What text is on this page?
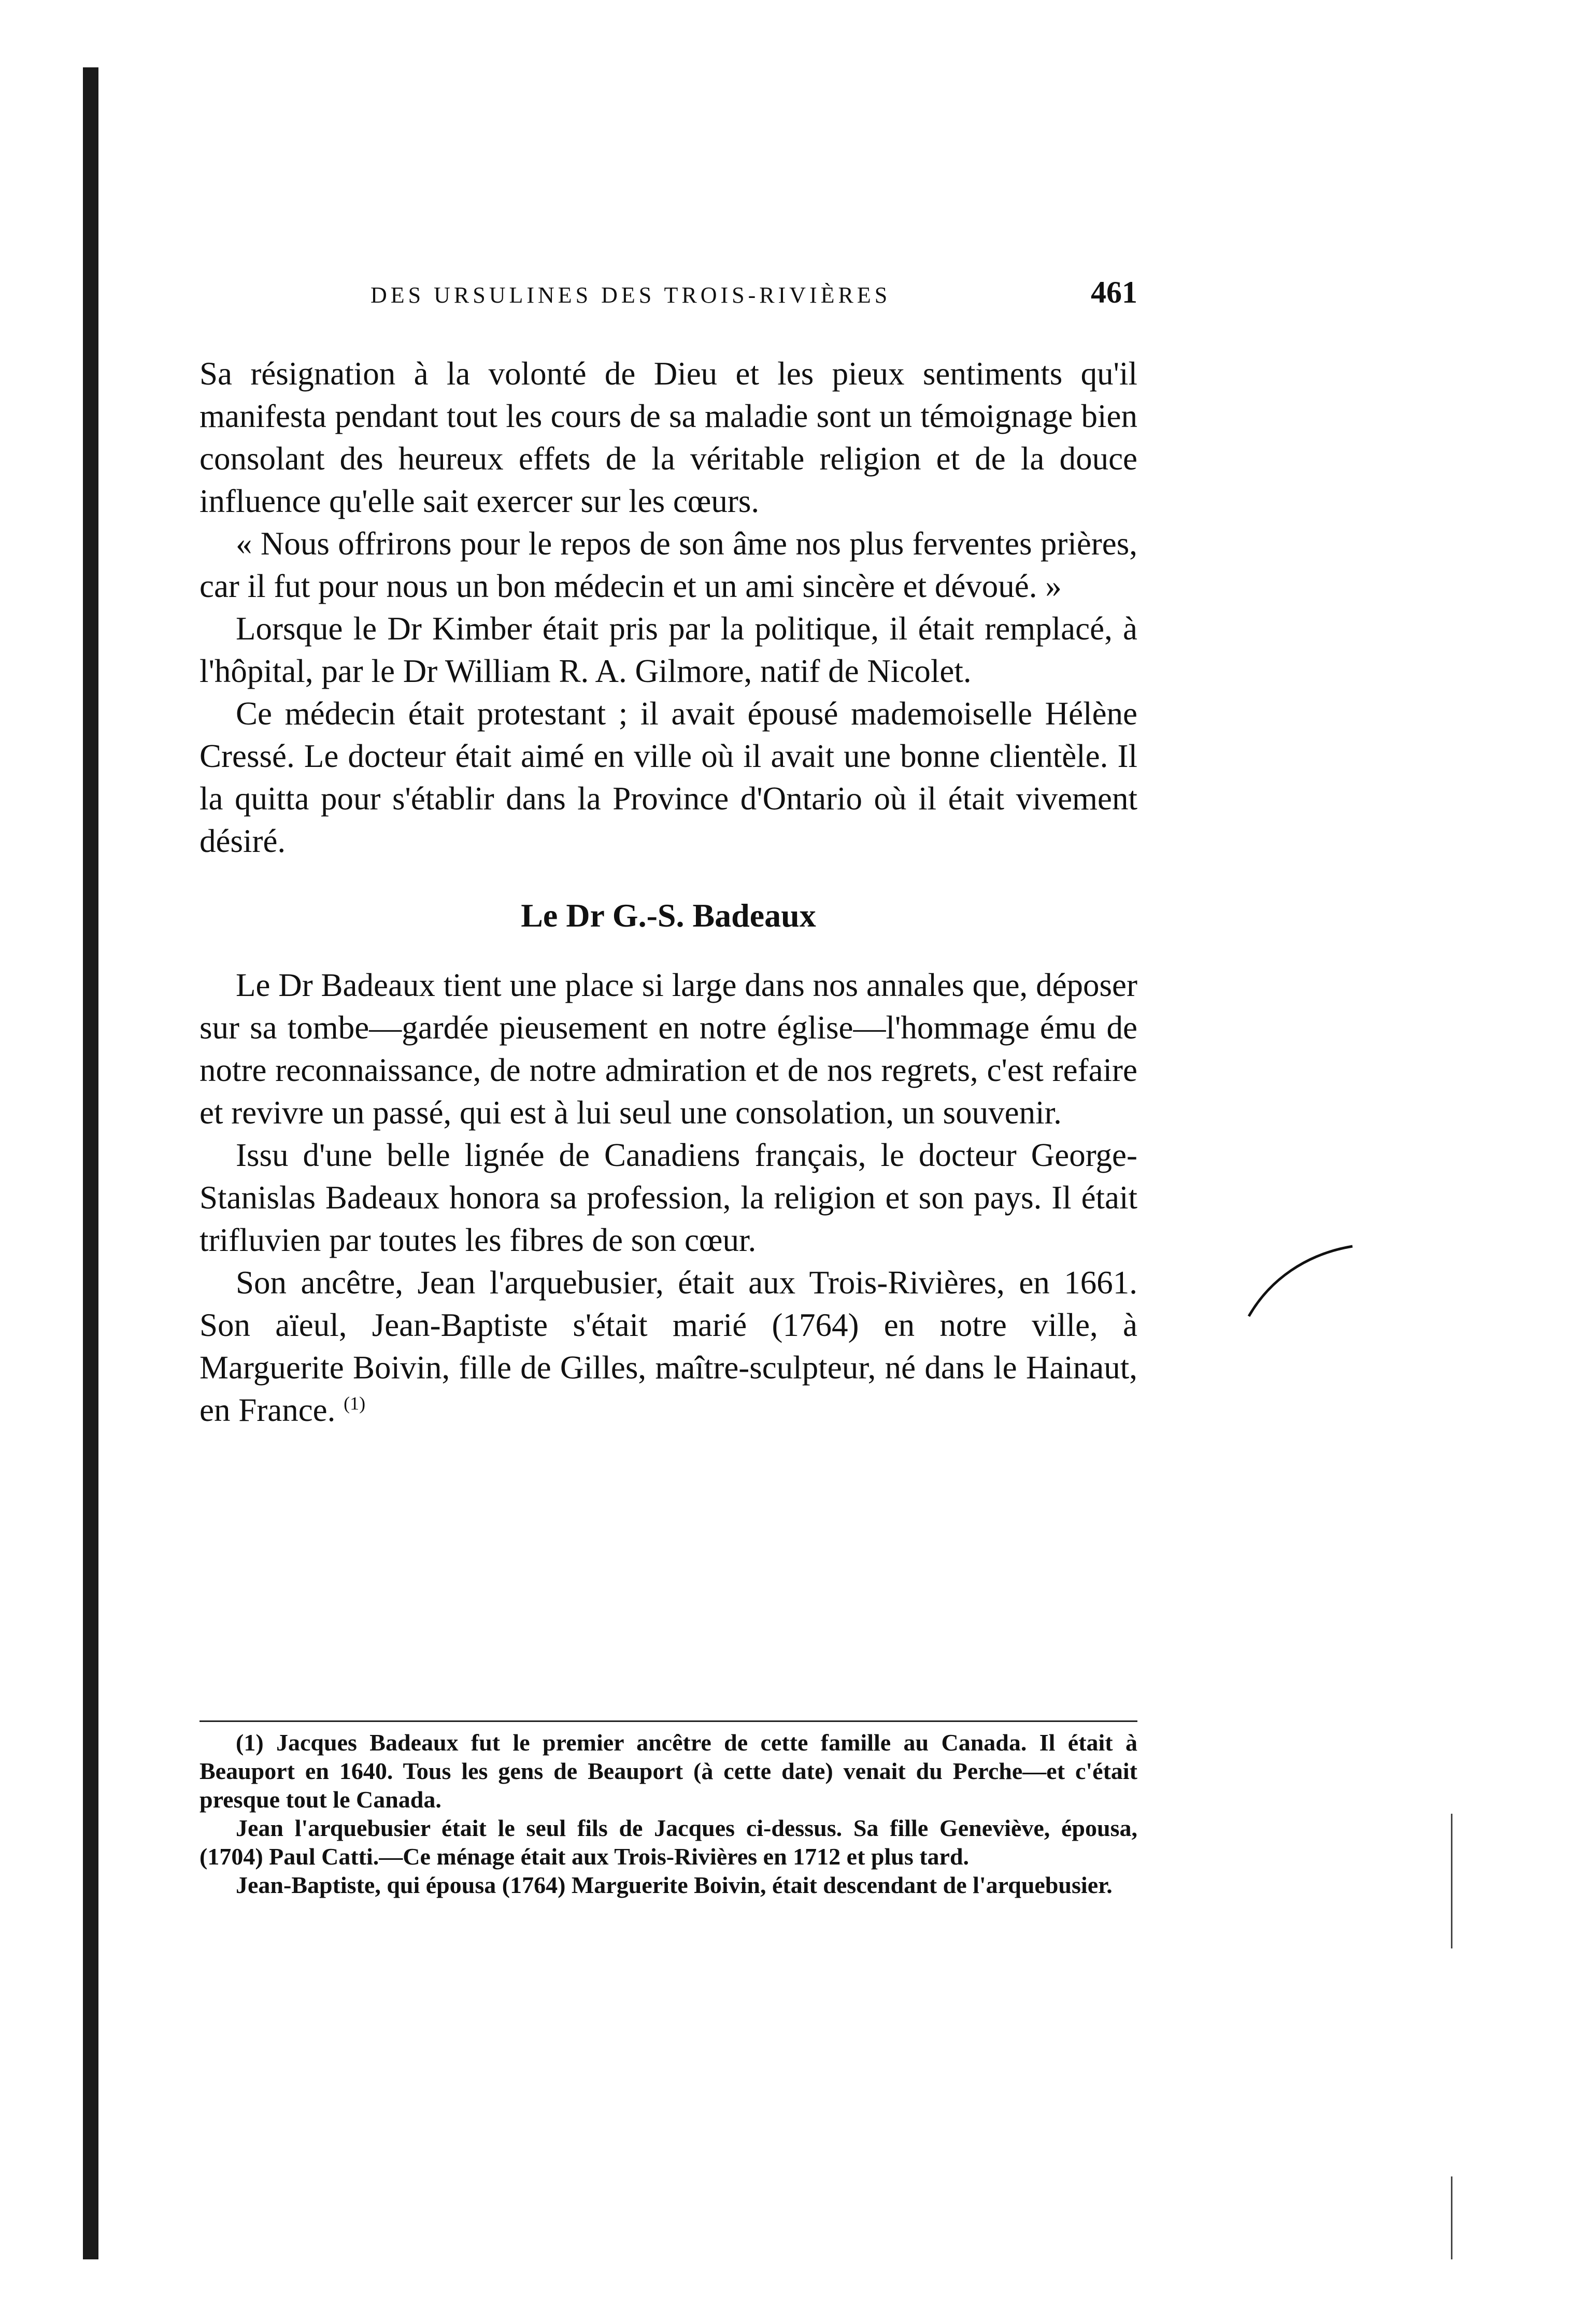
DES URSULINES DES TROIS-RIVIÈRES	461

Sa résignation à la volonté de Dieu et les pieux sentiments qu'il manifesta pendant tout les cours de sa maladie sont un témoignage bien consolant des heureux effets de la véritable religion et de la douce influence qu'elle sait exercer sur les cœurs.

« Nous offrirons pour le repos de son âme nos plus ferventes prières, car il fut pour nous un bon médecin et un ami sincère et dévoué. »

Lorsque le Dr Kimber était pris par la politique, il était remplacé, à l'hôpital, par le Dr William R. A. Gilmore, natif de Nicolet.

Ce médecin était protestant ; il avait épousé mademoiselle Hélène Cressé. Le docteur était aimé en ville où il avait une bonne clientèle. Il la quitta pour s'établir dans la Province d'Ontario où il était vivement désiré.

Le Dr G.-S. Badeaux

Le Dr Badeaux tient une place si large dans nos annales que, déposer sur sa tombe—gardée pieusement en notre église—l'hommage ému de notre reconnaissance, de notre admiration et de nos regrets, c'est refaire et revivre un passé, qui est à lui seul une consolation, un souvenir.

Issu d'une belle lignée de Canadiens français, le docteur George-Stanislas Badeaux honora sa profession, la religion et son pays. Il était trifluvien par toutes les fibres de son cœur.

Son ancêtre, Jean l'arquebusier, était aux Trois-Rivières, en 1661. Son aïeul, Jean-Baptiste s'était marié (1764) en notre ville, à Marguerite Boivin, fille de Gilles, maître-sculpteur, né dans le Hainaut, en France. $^{(1)}$

(1) Jacques Badeaux fut le premier ancêtre de cette famille au Canada. Il était à Beauport en 1640. Tous les gens de Beauport (à cette date) venait du Perche—et c'était presque tout le Canada.

Jean l'arquebusier était le seul fils de Jacques ci-dessus. Sa fille Geneviève, épousa, (1704) Paul Catti.—Ce ménage était aux Trois-Rivières en 1712 et plus tard.

Jean-Baptiste, qui épousa (1764) Marguerite Boivin, était descendant de l'arquebusier.
